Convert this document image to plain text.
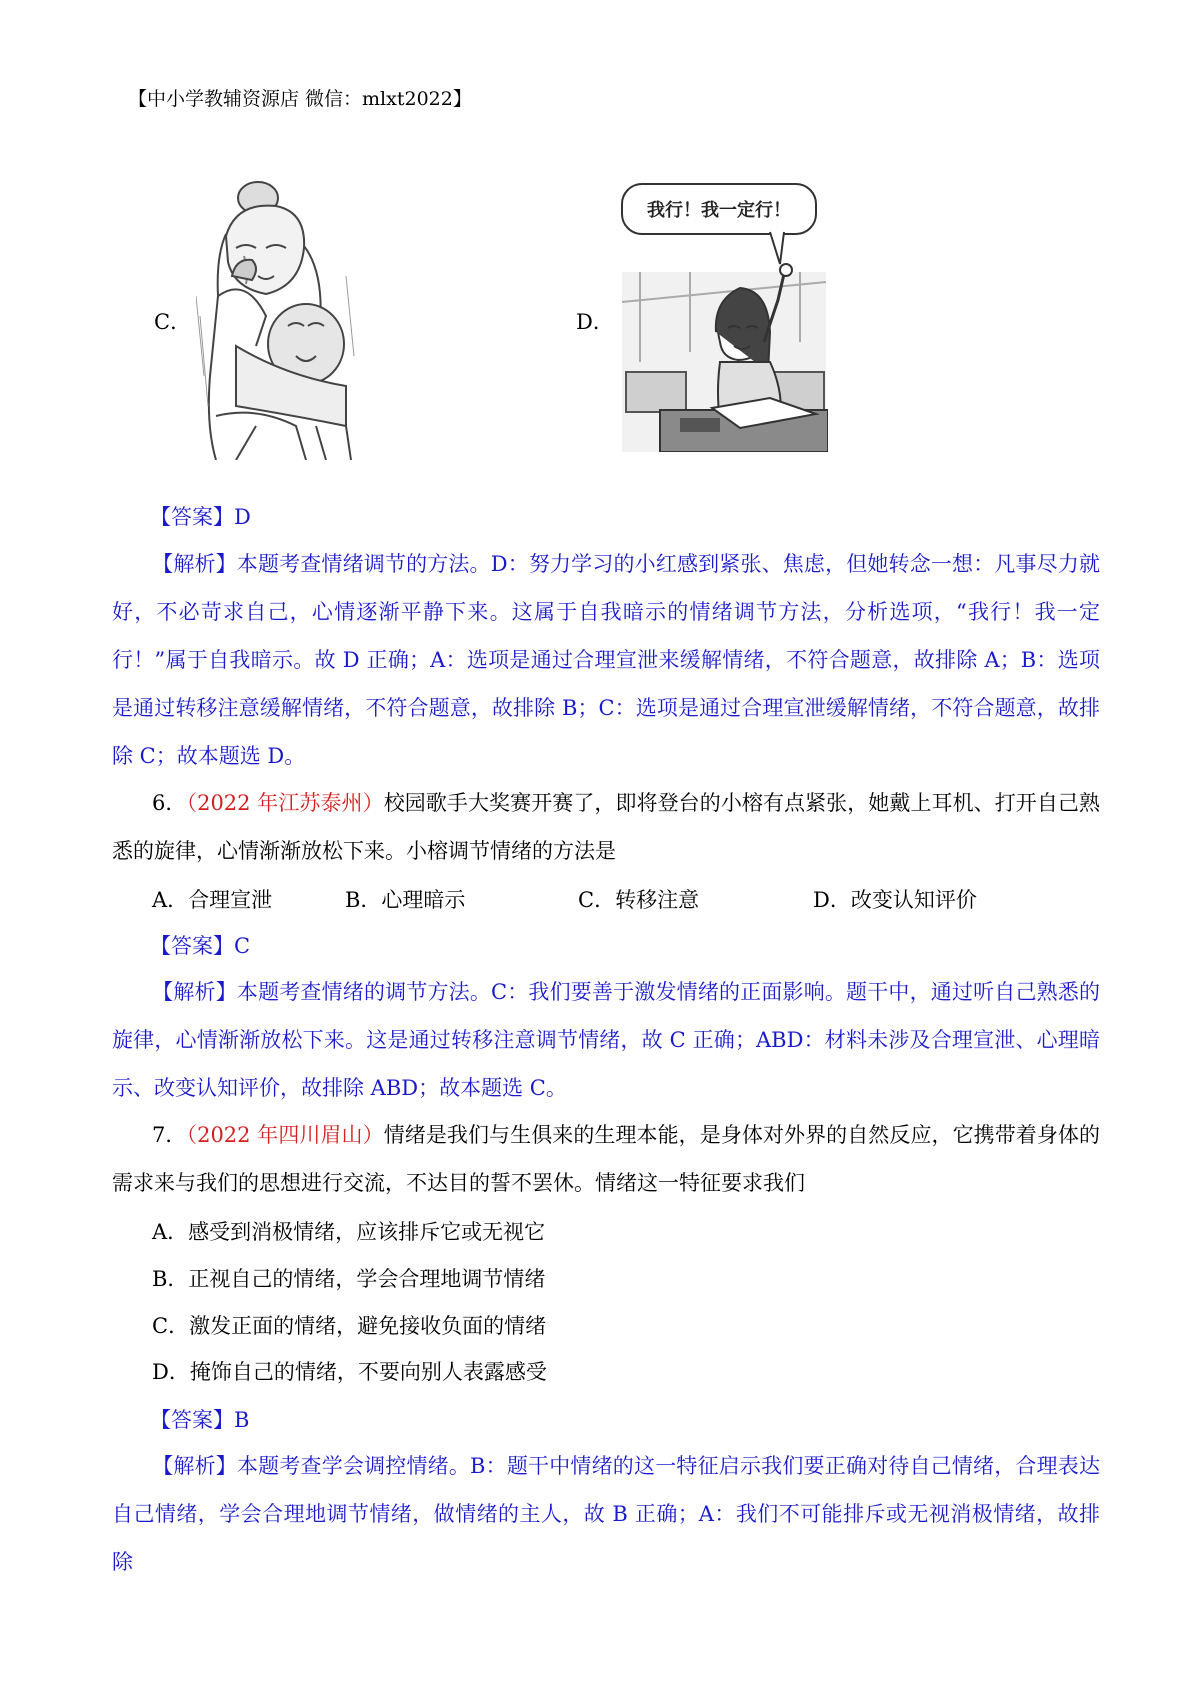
【中小学教辅资源店 微信：mlxt2022】
C．	D．
我行！我一定行！
【答案】D
【解析】本题考查情绪调节的方法。D：努力学习的小红感到紧张、焦虑，但她转念一想：凡事尽力就好，不必苛求自己，心情逐渐平静下来。这属于自我暗示的情绪调节方法，分析选项，“我行！我一定行！”属于自我暗示。故 D 正确；A：选项是通过合理宣泄来缓解情绪，不符合题意，故排除 A；B：选项是通过转移注意缓解情绪，不符合题意，故排除 B；C：选项是通过合理宣泄缓解情绪，不符合题意，故排除 C；故本题选 D。
6．（2022 年江苏泰州）校园歌手大奖赛开赛了，即将登台的小榕有点紧张，她戴上耳机、打开自己熟悉的旋律，心情渐渐放松下来。小榕调节情绪的方法是
A．合理宣泄	B．心理暗示	C．转移注意	D．改变认知评价
【答案】C
【解析】本题考查情绪的调节方法。C：我们要善于激发情绪的正面影响。题干中，通过听自己熟悉的旋律，心情渐渐放松下来。这是通过转移注意调节情绪，故 C 正确；ABD：材料未涉及合理宣泄、心理暗示、改变认知评价，故排除 ABD；故本题选 C。
7．（2022 年四川眉山）情绪是我们与生俱来的生理本能，是身体对外界的自然反应，它携带着身体的需求来与我们的思想进行交流，不达目的誓不罢休。情绪这一特征要求我们
A．感受到消极情绪，应该排斥它或无视它
B．正视自己的情绪，学会合理地调节情绪
C．激发正面的情绪，避免接收负面的情绪
D．掩饰自己的情绪，不要向别人表露感受
【答案】B
【解析】本题考查学会调控情绪。B：题干中情绪的这一特征启示我们要正确对待自己情绪，合理表达自己情绪，学会合理地调节情绪，做情绪的主人，故 B 正确；A：我们不可能排斥或无视消极情绪，故排除
